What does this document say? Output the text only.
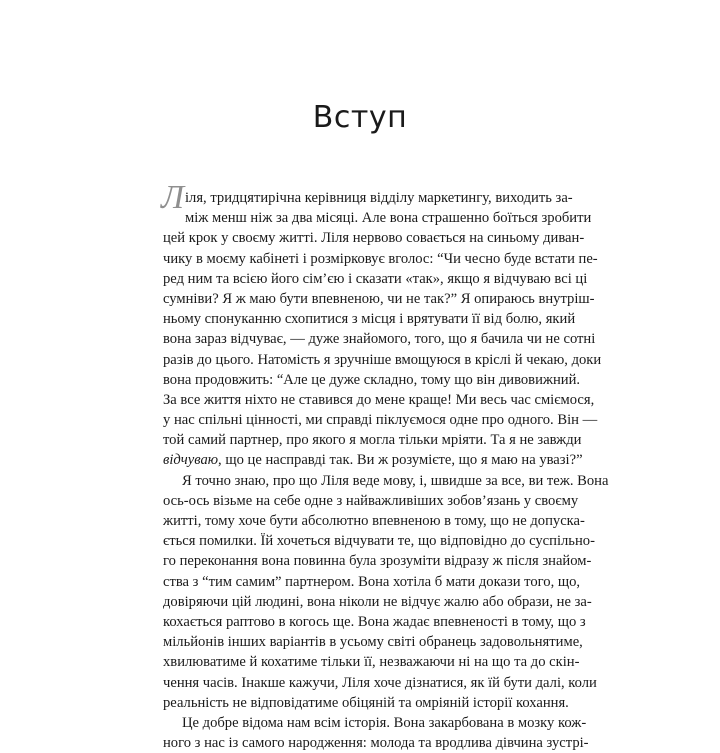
Вступ
Л іля, тридцятирічна керівниця відділу маркетингу, виходить за-
між менш ніж за два місяці. Але вона страшенно боїться зробити
цей крок у своєму житті. Ліля нервово совається на синьому диван-
чику в моєму кабінеті і розмірковує вголос: “Чи чесно буде встати пе-
ред ним та всією його сім’єю і сказати «так», якщо я відчуваю всі ці
сумніви? Я ж маю бути впевненою, чи не так?” Я опираюсь внутріш-
ньому спонуканню схопитися з місця і врятувати її від болю, який
вона зараз відчуває, — дуже знайомого, того, що я бачила чи не сотні
разів до цього. Натомість я зручніше вмощуюся в кріслі й чекаю, доки
вона продовжить: “Але це дуже складно, тому що він дивовижний.
За все життя ніхто не ставився до мене краще! Ми весь час сміємося,
у нас спільні цінності, ми справді піклуємося одне про одного. Він —
той самий партнер, про якого я могла тільки мріяти. Та я не завжди
відчуваю, що це насправді так. Ви ж розумієте, що я маю на увазі?”
Я точно знаю, про що Ліля веде мову, і, швидше за все, ви теж. Вона
ось-ось візьме на себе одне з найважливіших зобов’язань у своєму
житті, тому хоче бути абсолютно впевненою в тому, що не допуска-
ється помилки. Їй хочеться відчувати те, що відповідно до суспільно-
го переконання вона повинна була зрозуміти відразу ж після знайом-
ства з “тим самим” партнером. Вона хотіла б мати докази того, що,
довіряючи цій людині, вона ніколи не відчує жалю або образи, не за-
кохається раптово в когось ще. Вона жадає впевненості в тому, що з
мільйонів інших варіантів в усьому світі обранець задовольнятиме,
хвилюватиме й кохатиме тільки її, незважаючи ні на що та до скін-
чення часів. Інакше кажучи, Ліля хоче дізнатися, як їй бути далі, коли
реальність не відповідатиме обіцяній та омріяній історії кохання.
Це добре відома нам всім історія. Вона закарбована в мозку кож-
ного з нас із самого народження: молода та вродлива дівчина зустрі-
